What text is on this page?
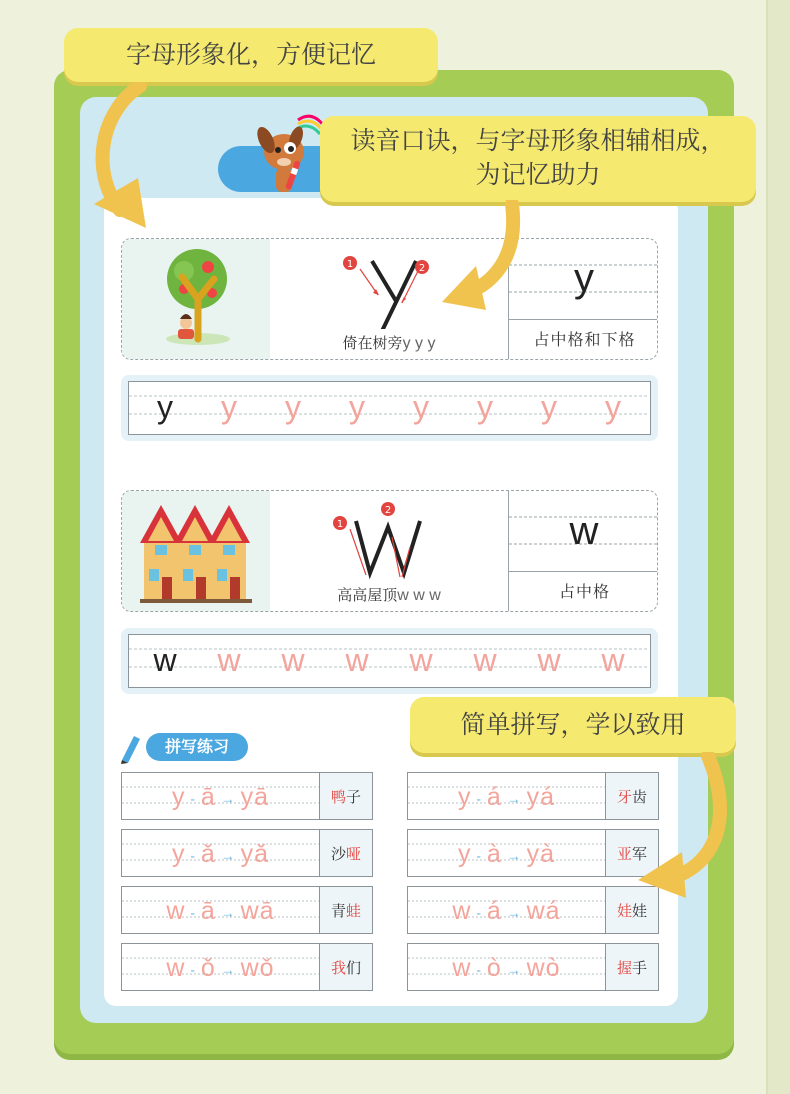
1	2
倚在树旁y y y
y
占中格和下格
y y y y y y y y
1
2
高高屋顶w w w
w
占中格
w w w w w w w w
拼写练习
y - ā → yā	鸭 子	y - á → yá	牙 齿
y - ǎ → yǎ	沙 哑	y - à → yà	亚 军
w - ā → wā	青 蛙	w - á → wá	娃 娃
w - ǒ → wǒ	我 们	w - ò → wò	握 手
字母形象化，方便记忆
读音口诀，与字母形象相辅相成，
为记忆助力
简单拼写，学以致用
